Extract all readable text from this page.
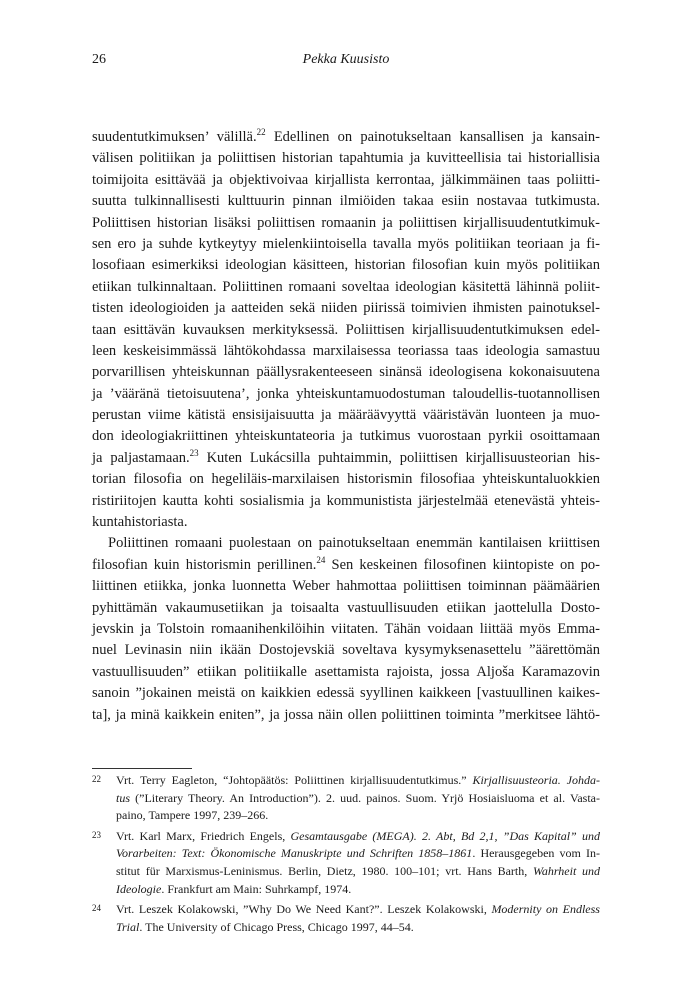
26	Pekka Kuusisto
suudentutkimuksen’ välillä.$^{22}$ Edellinen on painotukseltaan kansallisen ja kansain-
välisen politiikan ja poliittisen historian tapahtumia ja kuvitteellisia tai historiallisia
toimijoita esittävää ja objektivoivaa kirjallista kerrontaa, jälkimmäinen taas poliitti-
suutta tulkinnallisesti kulttuurin pinnan ilmiöiden takaa esiin nostavaa tutkimusta.
Poliittisen historian lisäksi poliittisen romaanin ja poliittisen kirjallisuudentutkimuk-
sen ero ja suhde kytkeytyy mielenkiintoisella tavalla myös politiikan teoriaan ja fi-
losofiaan esimerkiksi ideologian käsitteen, historian filosofian kuin myös politiikan
etiikan tulkinnaltaan. Poliittinen romaani soveltaa ideologian käsitettä lähinnä poliit-
tisten ideologioiden ja aatteiden sekä niiden piirissä toimivien ihmisten painotuksel-
taan esittävän kuvauksen merkityksessä. Poliittisen kirjallisuudentutkimuksen edel-
leen keskeisimmässä lähtökohdassa marxilaisessa teoriassa taas ideologia samastuu
porvarillisen yhteiskunnan päällysrakenteeseen sinänsä ideologisena kokonaisuutena
ja ’vääränä tietoisuutena’, jonka yhteiskuntamuodostuman taloudellis-tuotannollisen
perustan viime kätistä ensisijaisuutta ja määräävyyttä vääristävän luonteen ja muo-
don ideologiakriittinen yhteiskuntateoria ja tutkimus vuorostaan pyrkii osoittamaan
ja paljastamaan.$^{23}$ Kuten Lukácsilla puhtaimmin, poliittisen kirjallisuusteorian his-
torian filosofia on hegeliläis-marxilaisen historismin filosofiaa yhteiskuntaluokkien
ristiriitojen kautta kohti sosialismia ja kommunistista järjestelmää etenevästä yhteis-
kuntahistoriasta.
Poliittinen romaani puolestaan on painotukseltaan enemmän kantilaisen kriittisen
filosofian kuin historismin perillinen.$^{24}$ Sen keskeinen filosofinen kiintopiste on po-
liittinen etiikka, jonka luonnetta Weber hahmottaa poliittisen toiminnan päämäärien
pyhittämän vakaumusetiikan ja toisaalta vastuullisuuden etiikan jaottelulla Dosto-
jevskin ja Tolstoin romaanihenkilöihin viitaten. Tähän voidaan liittää myös Emma-
nuel Levinasin niin ikään Dostojevskiä soveltava kysymyksenasettelu ”äärettömän
vastuullisuuden” etiikan politiikalle asettamista rajoista, jossa Aljoša Karamazovin
sanoin ”jokainen meistä on kaikkien edessä syyllinen kaikkeen [vastuullinen kaikes-
ta], ja minä kaikkein eniten”, ja jossa näin ollen poliittinen toiminta ”merkitsee lähtö-
22 Vrt. Terry Eagleton, “Johtopäätös: Poliittinen kirjallisuudentutkimus.” Kirjallisuusteoria. Johda-
tus (”Literary Theory. An Introduction”). 2. uud. painos. Suom. Yrjö Hosiaisluoma et al. Vasta-
paino, Tampere 1997, 239–266.
23 Vrt. Karl Marx, Friedrich Engels, Gesamtausgabe (MEGA). 2. Abt, Bd 2,1, ”Das Kapital” und
Vorarbeiten: Text: Ökonomische Manuskripte und Schriften 1858–1861. Herausgegeben vom In-
stitut für Marxismus-Leninismus. Berlin, Dietz, 1980. 100–101; vrt. Hans Barth, Wahrheit und
Ideologie. Frankfurt am Main: Suhrkampf, 1974.
24 Vrt. Leszek Kolakowski, ”Why Do We Need Kant?”. Leszek Kolakowski, Modernity on Endless
Trial. The University of Chicago Press, Chicago 1997, 44–54.
